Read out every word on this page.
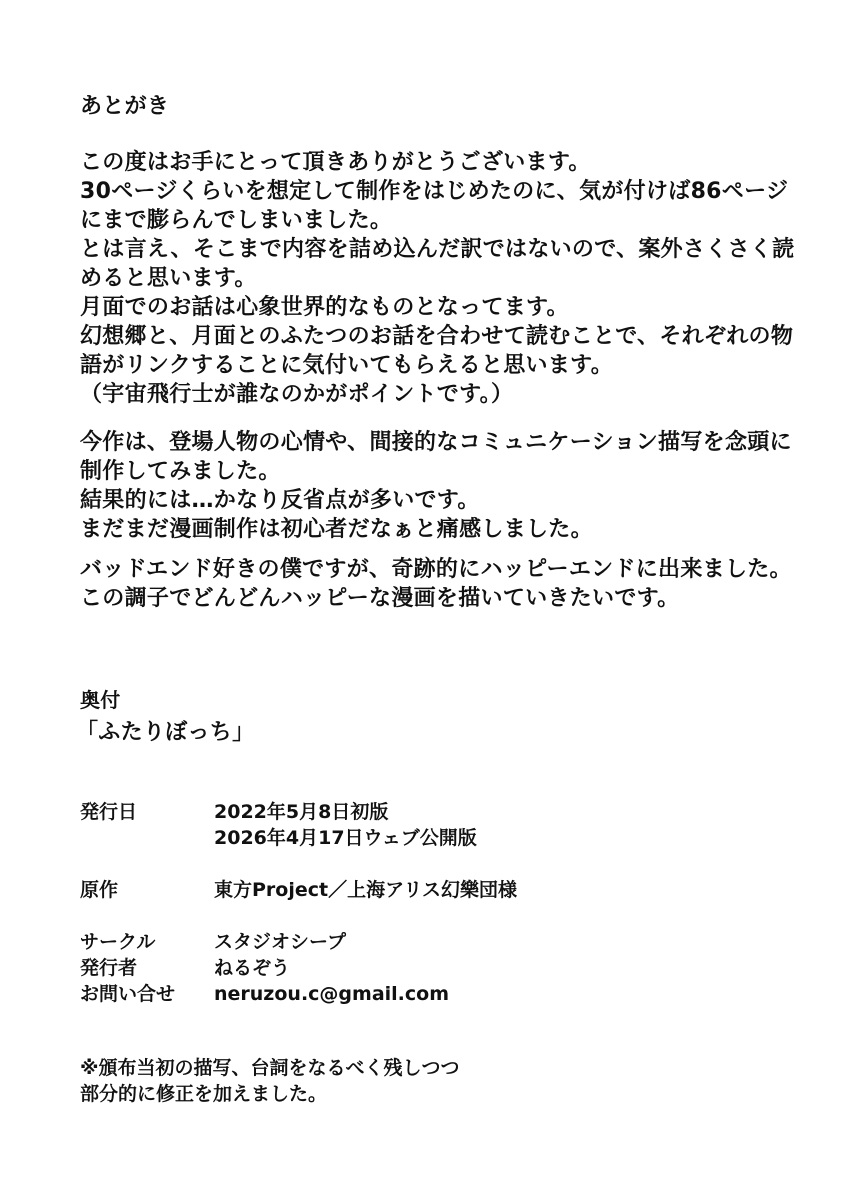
あとがき
この度はお手にとって頂きありがとうございます。
30ページくらいを想定して制作をはじめたのに、気が付けば86ページ
にまで膨らんでしまいました。
とは言え、そこまで内容を詰め込んだ訳ではないので、案外さくさく読
めると思います。
月面でのお話は心象世界的なものとなってます。
幻想郷と、月面とのふたつのお話を合わせて読むことで、それぞれの物
語がリンクすることに気付いてもらえると思います。
（宇宙飛行士が誰なのかがポイントです。）
今作は、登場人物の心情や、間接的なコミュニケーション描写を念頭に
制作してみました。
結果的には…かなり反省点が多いです。
まだまだ漫画制作は初心者だなぁと痛感しました。
バッドエンド好きの僕ですが、奇跡的にハッピーエンドに出来ました。
この調子でどんどんハッピーな漫画を描いていきたいです。
奥付
「ふたりぼっち」
発行日	2022年5月8日初版
2026年4月17日ウェブ公開版
原作	東方Project／上海アリス幻樂団様
サークル	スタジオシープ
発行者	ねるぞう
お問い合せ	neruzou.c@gmail.com
※頒布当初の描写、台詞をなるべく残しつつ
部分的に修正を加えました。
